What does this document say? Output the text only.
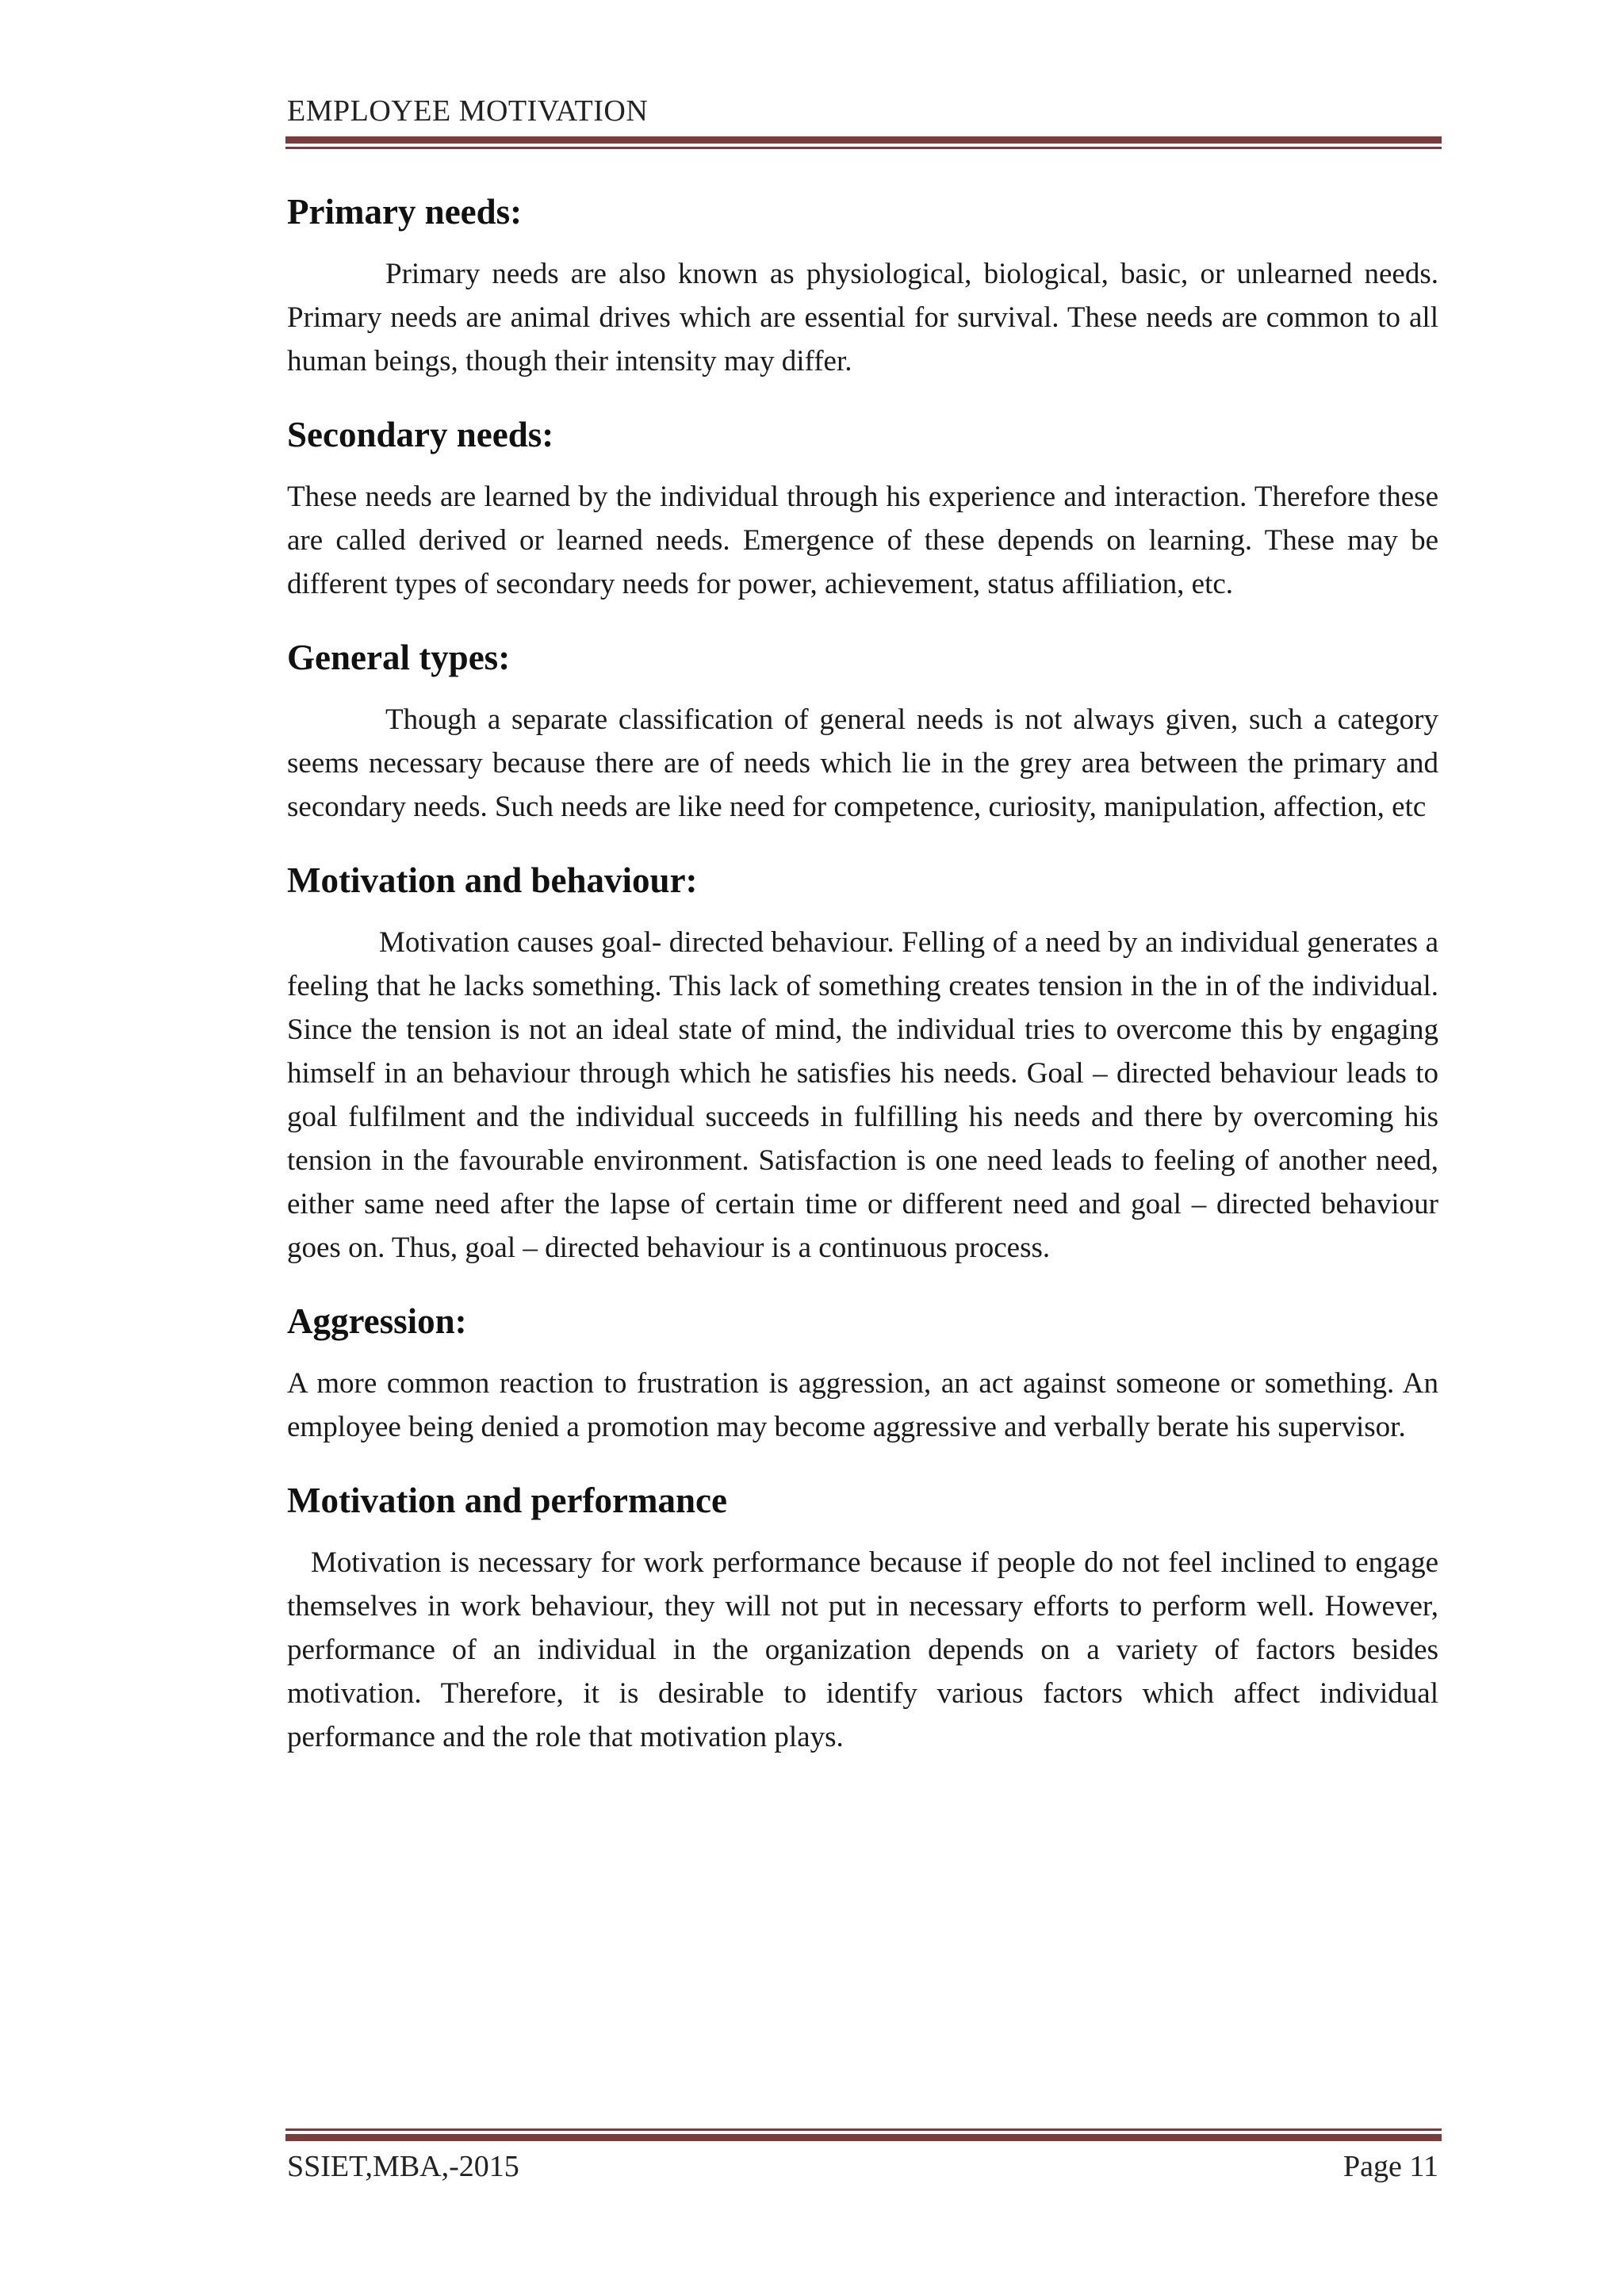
EMPLOYEE MOTIVATION
Primary needs:

Primary needs are also known as physiological, biological, basic, or unlearned needs. Primary needs are animal drives which are essential for survival. These needs are common to all human beings, though their intensity may differ.

Secondary needs:

These needs are learned by the individual through his experience and interaction. Therefore these are called derived or learned needs. Emergence of these depends on learning. These may be different types of secondary needs for power, achievement, status affiliation, etc.

General types:

Though a separate classification of general needs is not always given, such a category seems necessary because there are of needs which lie in the grey area between the primary and secondary needs. Such needs are like need for competence, curiosity, manipulation, affection, etc

Motivation and behaviour:

Motivation causes goal- directed behaviour. Felling of a need by an individual generates a feeling that he lacks something. This lack of something creates tension in the in of the individual. Since the tension is not an ideal state of mind, the individual tries to overcome this by engaging himself in an behaviour through which he satisfies his needs. Goal – directed behaviour leads to goal fulfilment and the individual succeeds in fulfilling his needs and there by overcoming his tension in the favourable environment. Satisfaction is one need leads to feeling of another need, either same need after the lapse of certain time or different need and goal – directed behaviour goes on. Thus, goal – directed behaviour is a continuous process.

Aggression:

A more common reaction to frustration is aggression, an act against someone or something. An employee being denied a promotion may become aggressive and verbally berate his supervisor.

Motivation and performance

Motivation is necessary for work performance because if people do not feel inclined to engage themselves in work behaviour, they will not put in necessary efforts to perform well. However, performance of an individual in the organization depends on a variety of factors besides motivation. Therefore, it is desirable to identify various factors which affect individual performance and the role that motivation plays.

SSIET,MBA,-2015	Page 11
